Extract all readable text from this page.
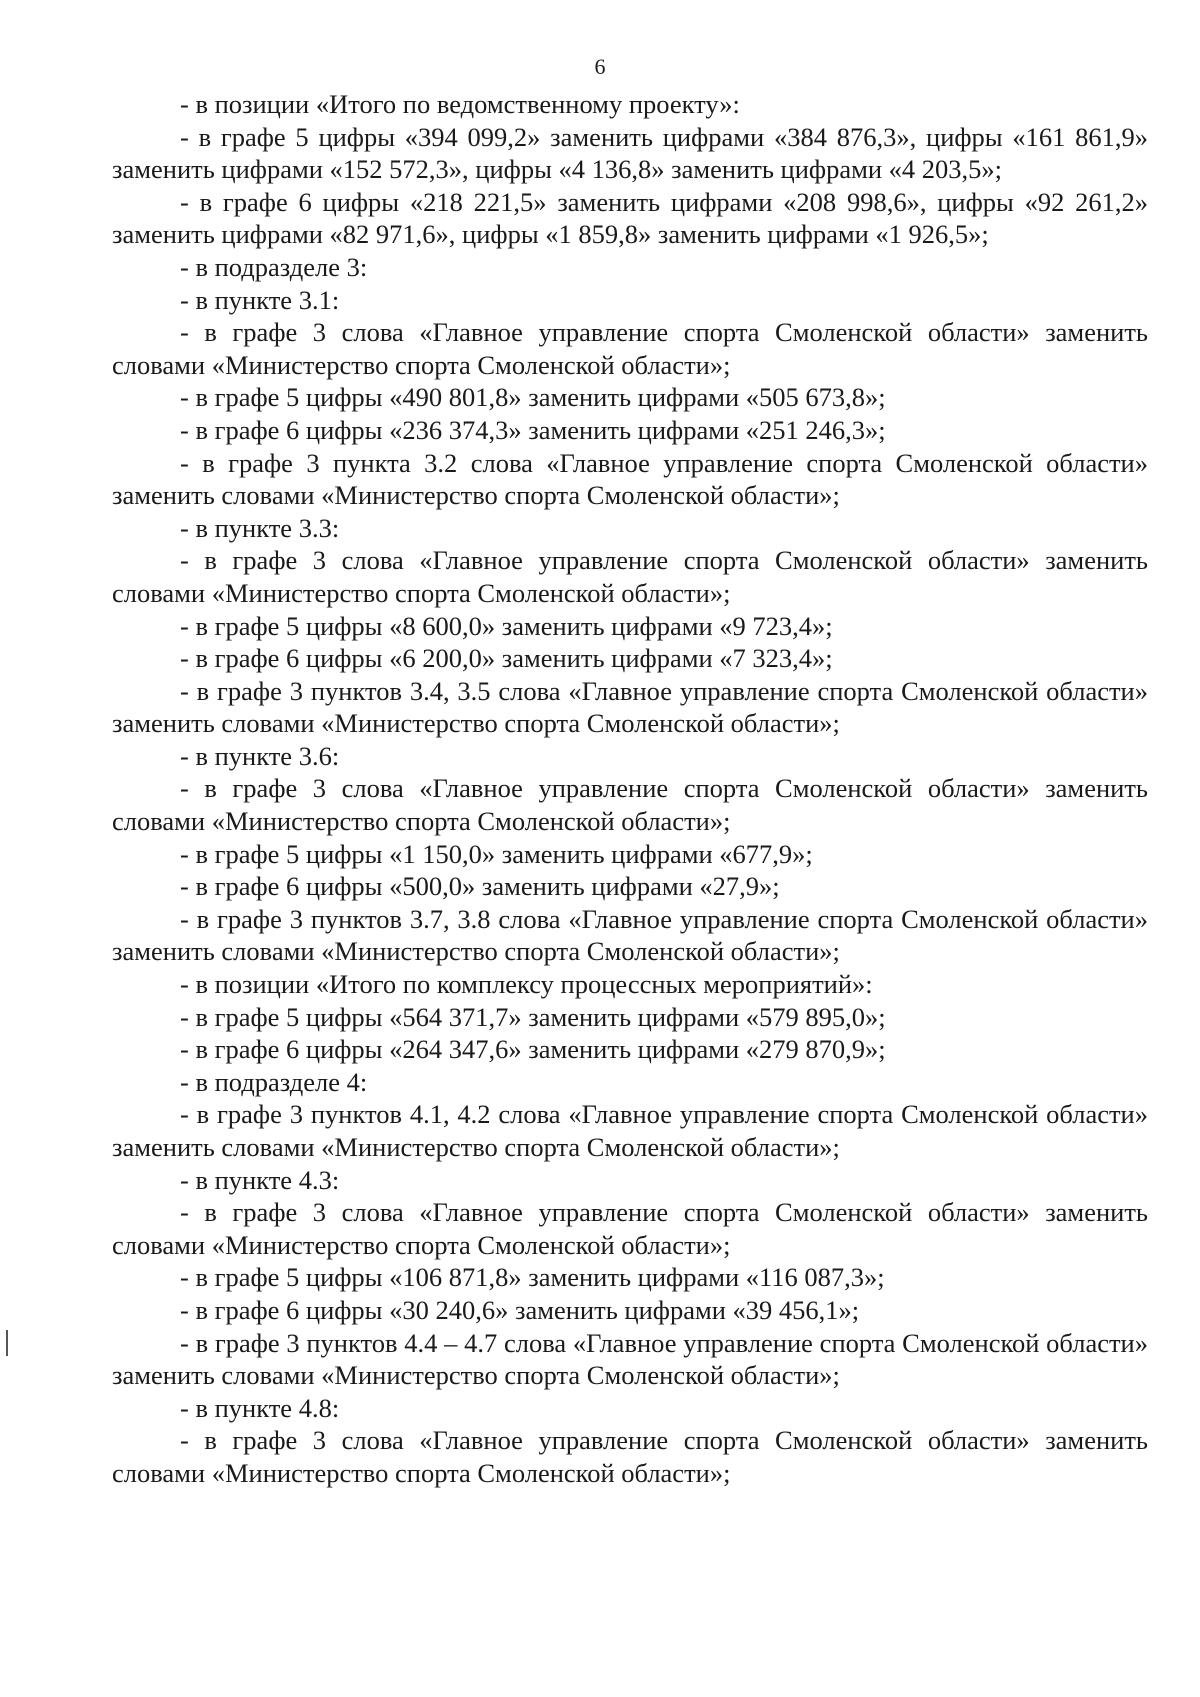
6

- в позиции «Итого по ведомственному проекту»:

- в графе 5 цифры «394 099,2» заменить цифрами «384 876,3», цифры «161 861,9» заменить цифрами «152 572,3», цифры «4 136,8» заменить цифрами «4 203,5»;

- в графе 6 цифры «218 221,5» заменить цифрами «208 998,6», цифры «92 261,2» заменить цифрами «82 971,6», цифры «1 859,8» заменить цифрами «1 926,5»;

- в подразделе 3:

- в пункте 3.1:

- в графе 3 слова «Главное управление спорта Смоленской области» заменить словами «Министерство спорта Смоленской области»;

- в графе 5 цифры «490 801,8» заменить цифрами «505 673,8»;

- в графе 6 цифры «236 374,3» заменить цифрами «251 246,3»;

- в графе 3 пункта 3.2 слова «Главное управление спорта Смоленской области» заменить словами «Министерство спорта Смоленской области»;

- в пункте 3.3:

- в графе 3 слова «Главное управление спорта Смоленской области» заменить словами «Министерство спорта Смоленской области»;

- в графе 5 цифры «8 600,0» заменить цифрами «9 723,4»;

- в графе 6 цифры «6 200,0» заменить цифрами «7 323,4»;

- в графе 3 пунктов 3.4, 3.5 слова «Главное управление спорта Смоленской области» заменить словами «Министерство спорта Смоленской области»;

- в пункте 3.6:

- в графе 3 слова «Главное управление спорта Смоленской области» заменить словами «Министерство спорта Смоленской области»;

- в графе 5 цифры «1 150,0» заменить цифрами «677,9»;

- в графе 6 цифры «500,0» заменить цифрами «27,9»;

- в графе 3 пунктов 3.7, 3.8 слова «Главное управление спорта Смоленской области» заменить словами «Министерство спорта Смоленской области»;

- в позиции «Итого по комплексу процессных мероприятий»:

- в графе 5 цифры «564 371,7» заменить цифрами «579 895,0»;

- в графе 6 цифры «264 347,6» заменить цифрами «279 870,9»;

- в подразделе 4:

- в графе 3 пунктов 4.1, 4.2 слова «Главное управление спорта Смоленской области» заменить словами «Министерство спорта Смоленской области»;

- в пункте 4.3:

- в графе 3 слова «Главное управление спорта Смоленской области» заменить словами «Министерство спорта Смоленской области»;

- в графе 5 цифры «106 871,8» заменить цифрами «116 087,3»;

- в графе 6 цифры «30 240,6» заменить цифрами «39 456,1»;

- в графе 3 пунктов 4.4 – 4.7 слова «Главное управление спорта Смоленской области» заменить словами «Министерство спорта Смоленской области»;

- в пункте 4.8:

- в графе 3 слова «Главное управление спорта Смоленской области» заменить словами «Министерство спорта Смоленской области»;
